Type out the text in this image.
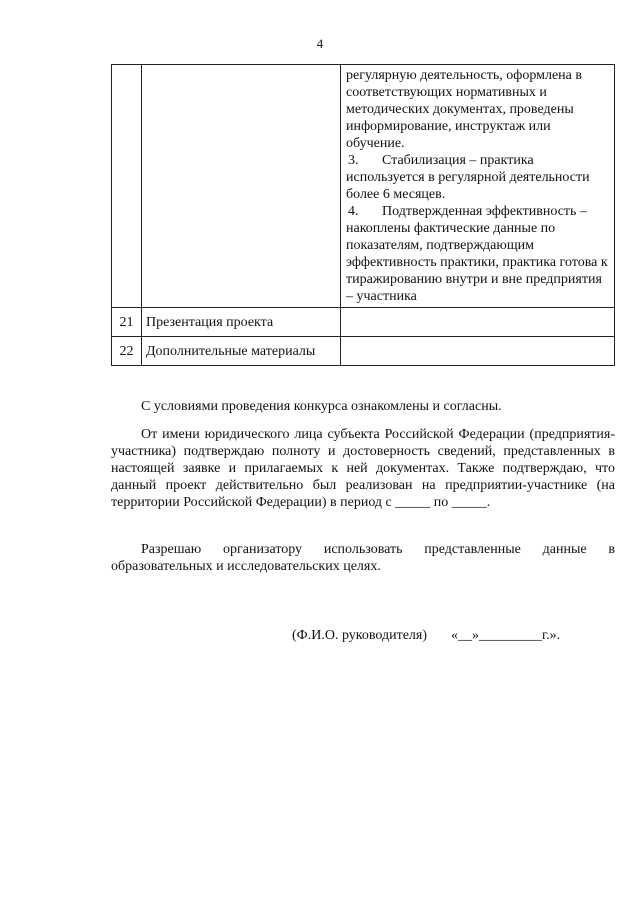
4

		регулярную деятельность, оформлена в соответствующих нормативных и методических документах, проведены информирование, инструктаж или обучение.
3. Стабилизация – практика используется в регулярной деятельности более 6 месяцев.
4. Подтвержденная эффективность – накоплены фактические данные по показателям, подтверждающим эффективность практики, практика готова к тиражированию внутри и вне предприятия – участника

21	Презентация проекта	
22	Дополнительные материалы	

С условиями проведения конкурса ознакомлены и согласны.

От имени юридического лица субъекта Российской Федерации (предприятия-участника) подтверждаю полноту и достоверность сведений, представленных в настоящей заявке и прилагаемых к ней документах. Также подтверждаю, что данный проект действительно был реализован на предприятии-участнике (на территории Российской Федерации) в период с _____ по _____.

Разрешаю организатору использовать представленные данные в образовательных и исследовательских целях.

(Ф.И.О. руководителя) «__»_________г.».
